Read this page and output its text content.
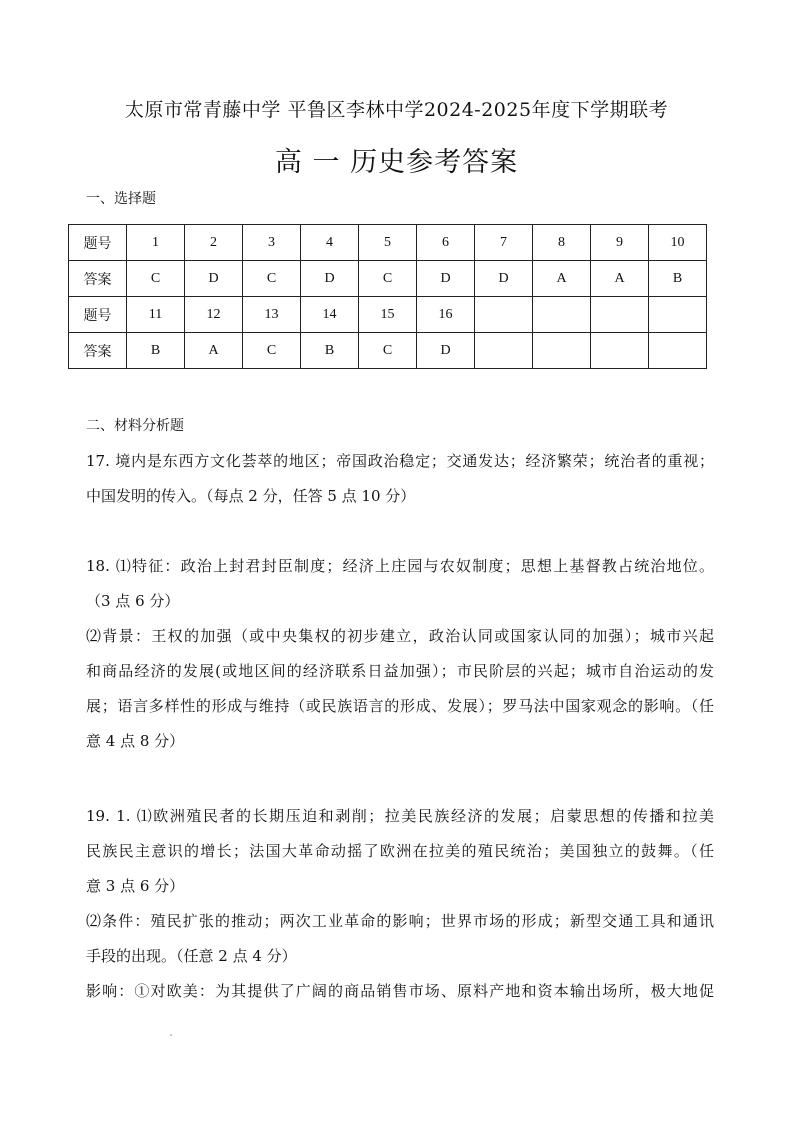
太原市常青藤中学 平鲁区李林中学2024-2025年度下学期联考
高 一 历史参考答案
一、选择题
题号	1	2	3	4	5	6	7	8	9	10
答案	C	D	C	D	C	D	D	A	A	B
题号	11	12	13	14	15	16				
答案	B	A	C	B	C	D				
二、材料分析题
17. 境内是东西方文化荟萃的地区；帝国政治稳定；交通发达；经济繁荣；统治者的重视；
中国发明的传入。（每点 2 分，任答 5 点 10 分）
18. ⑴特征：政治上封君封臣制度；经济上庄园与农奴制度；思想上基督教占统治地位。
（3 点 6 分）
⑵背景：王权的加强（或中央集权的初步建立，政治认同或国家认同的加强）；城市兴起
和商品经济的发展(或地区间的经济联系日益加强）；市民阶层的兴起；城市自治运动的发
展；语言多样性的形成与维持（或民族语言的形成、发展）；罗马法中国家观念的影响。（任
意 4 点 8 分）
19. 1. ⑴欧洲殖民者的长期压迫和剥削；拉美民族经济的发展；启蒙思想的传播和拉美
民族民主意识的增长；法国大革命动摇了欧洲在拉美的殖民统治；美国独立的鼓舞。（任
意 3 点 6 分）
⑵条件：殖民扩张的推动；两次工业革命的影响；世界市场的形成；新型交通工具和通讯
手段的出现。（任意 2 点 4 分）
影响：①对欧美：为其提供了广阔的商品销售市场、原料产地和资本输出场所，极大地促
